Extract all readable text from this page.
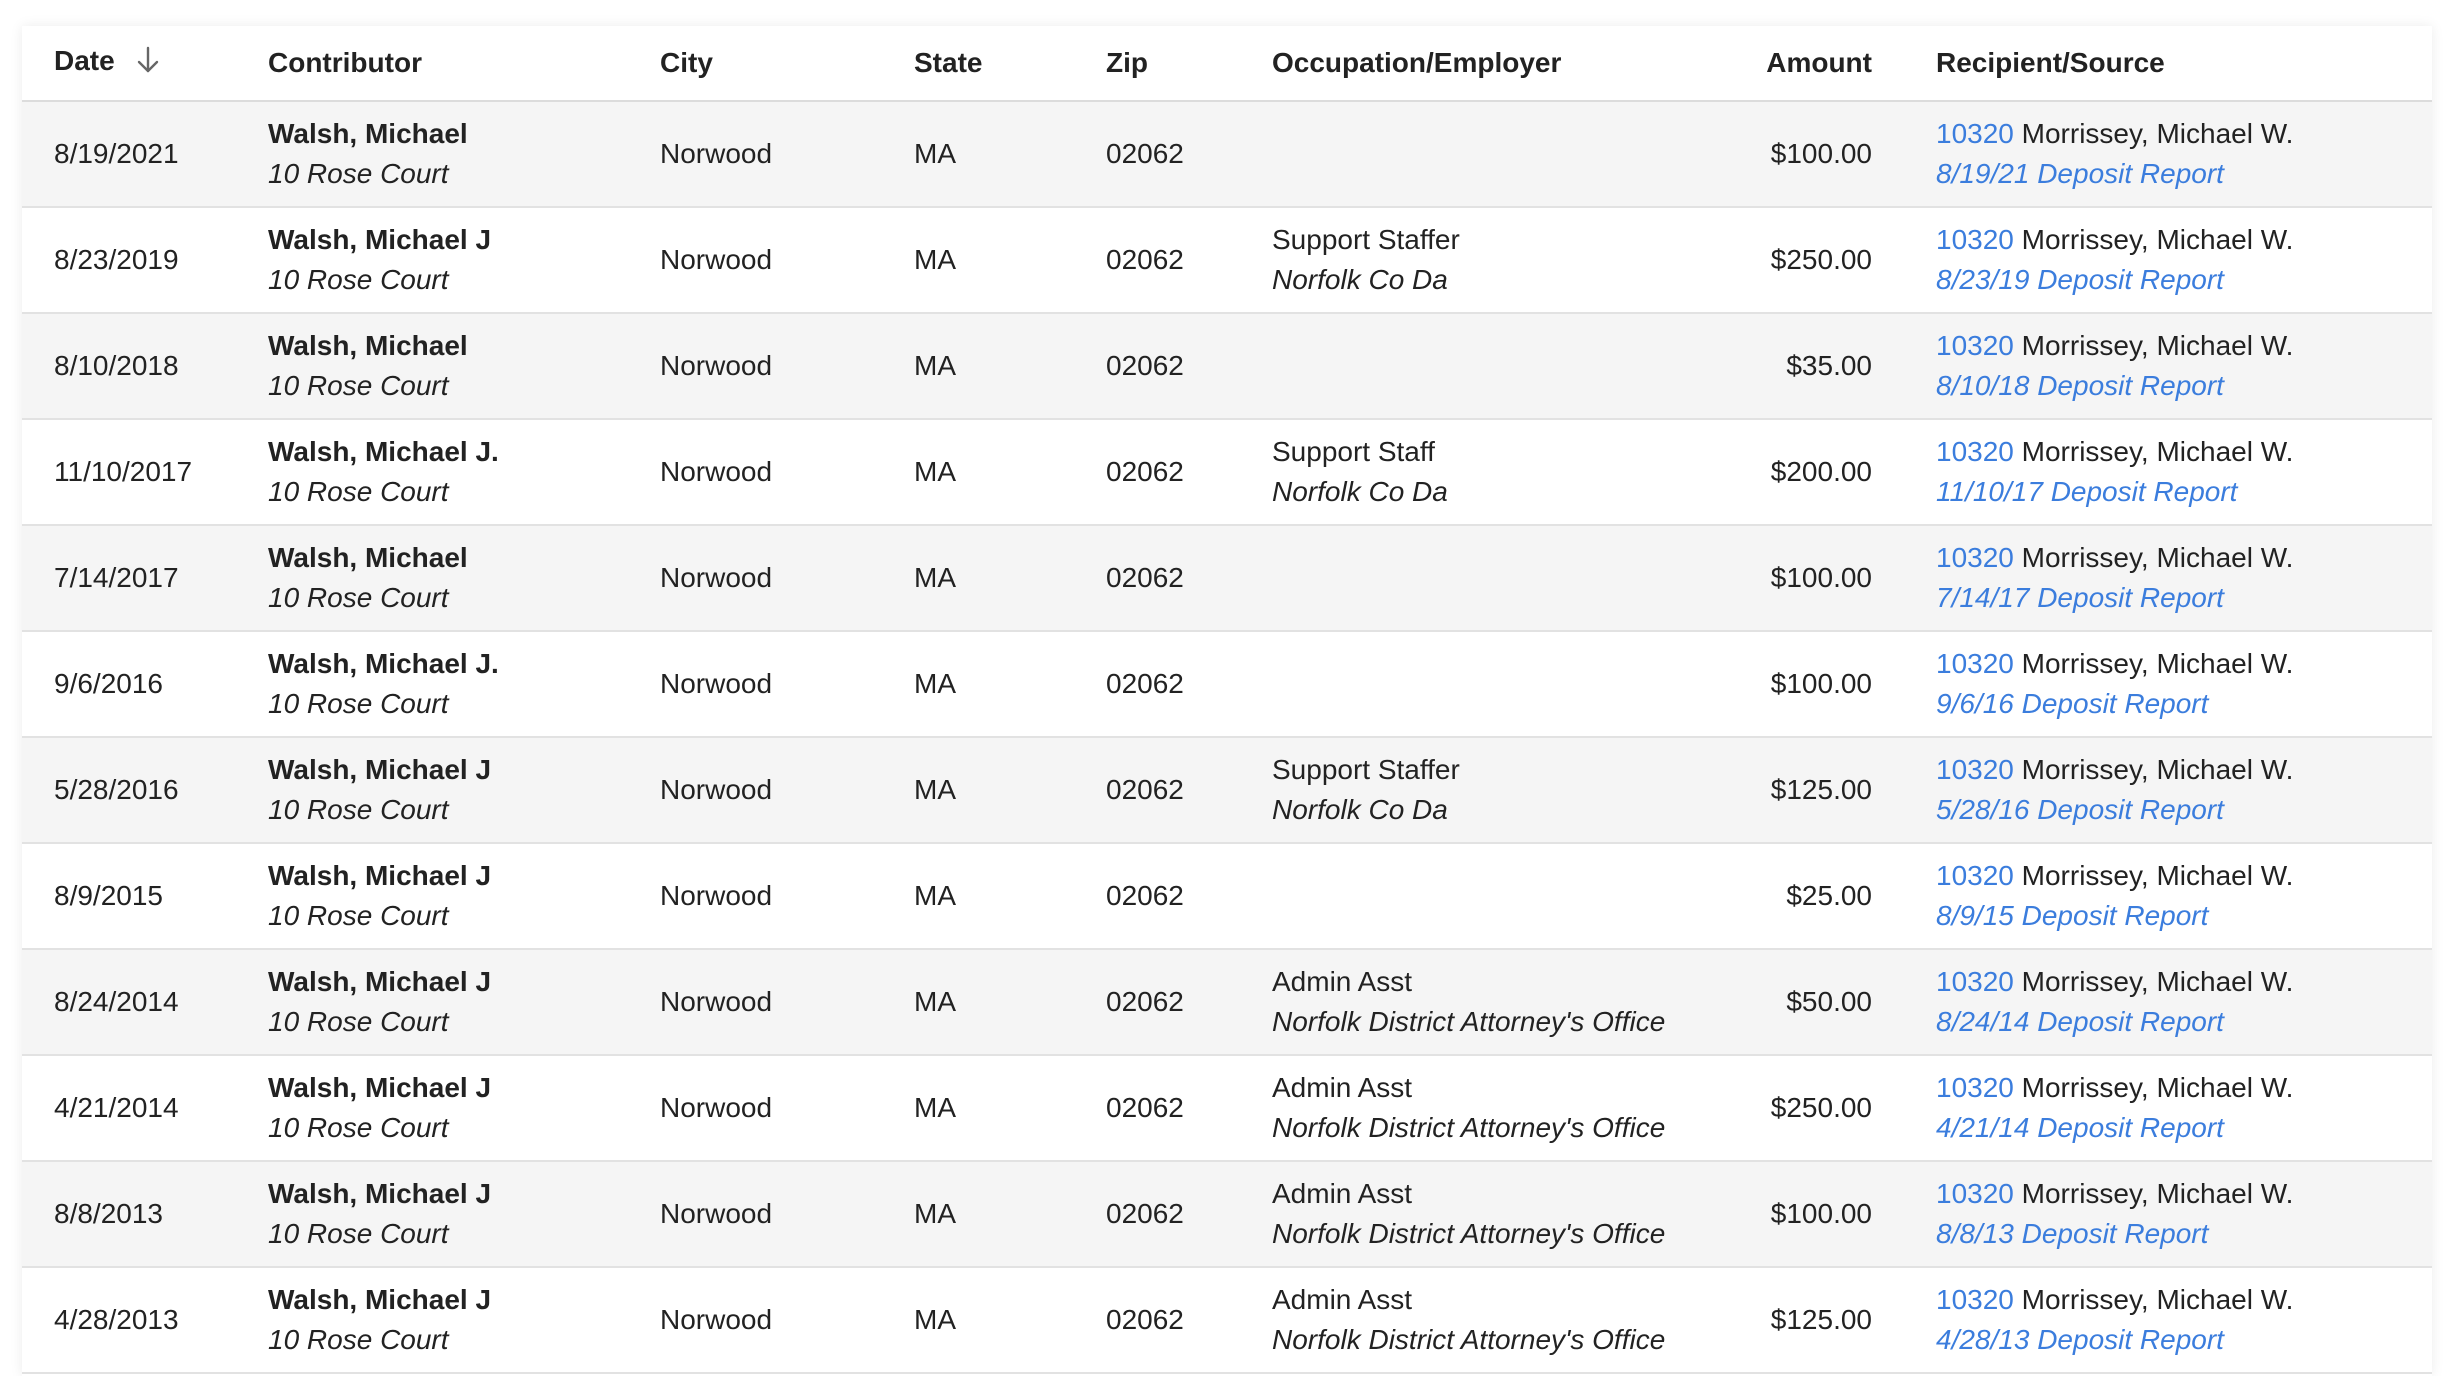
Date	Contributor	City	State	Zip	Occupation/Employer	Amount	Recipient/Source
8/19/2021	Walsh, Michael
10 Rose Court	Norwood	MA	02062		$100.00	10320 Morrissey, Michael W.
8/19/21 Deposit Report

8/23/2019	Walsh, Michael J
10 Rose Court	Norwood	MA	02062	Support Staffer
Norfolk Co Da	$250.00	10320 Morrissey, Michael W.
8/23/19 Deposit Report

8/10/2018	Walsh, Michael
10 Rose Court	Norwood	MA	02062		$35.00	10320 Morrissey, Michael W.
8/10/18 Deposit Report

11/10/2017	Walsh, Michael J.
10 Rose Court	Norwood	MA	02062	Support Staff
Norfolk Co Da	$200.00	10320 Morrissey, Michael W.
11/10/17 Deposit Report

7/14/2017	Walsh, Michael
10 Rose Court	Norwood	MA	02062		$100.00	10320 Morrissey, Michael W.
7/14/17 Deposit Report

9/6/2016	Walsh, Michael J.
10 Rose Court	Norwood	MA	02062		$100.00	10320 Morrissey, Michael W.
9/6/16 Deposit Report

5/28/2016	Walsh, Michael J
10 Rose Court	Norwood	MA	02062	Support Staffer
Norfolk Co Da	$125.00	10320 Morrissey, Michael W.
5/28/16 Deposit Report

8/9/2015	Walsh, Michael J
10 Rose Court	Norwood	MA	02062		$25.00	10320 Morrissey, Michael W.
8/9/15 Deposit Report

8/24/2014	Walsh, Michael J
10 Rose Court	Norwood	MA	02062	Admin Asst
Norfolk District Attorney's Office	$50.00	10320 Morrissey, Michael W.
8/24/14 Deposit Report

4/21/2014	Walsh, Michael J
10 Rose Court	Norwood	MA	02062	Admin Asst
Norfolk District Attorney's Office	$250.00	10320 Morrissey, Michael W.
4/21/14 Deposit Report

8/8/2013	Walsh, Michael J
10 Rose Court	Norwood	MA	02062	Admin Asst
Norfolk District Attorney's Office	$100.00	10320 Morrissey, Michael W.
8/8/13 Deposit Report

4/28/2013	Walsh, Michael J
10 Rose Court	Norwood	MA	02062	Admin Asst
Norfolk District Attorney's Office	$125.00	10320 Morrissey, Michael W.
4/28/13 Deposit Report
